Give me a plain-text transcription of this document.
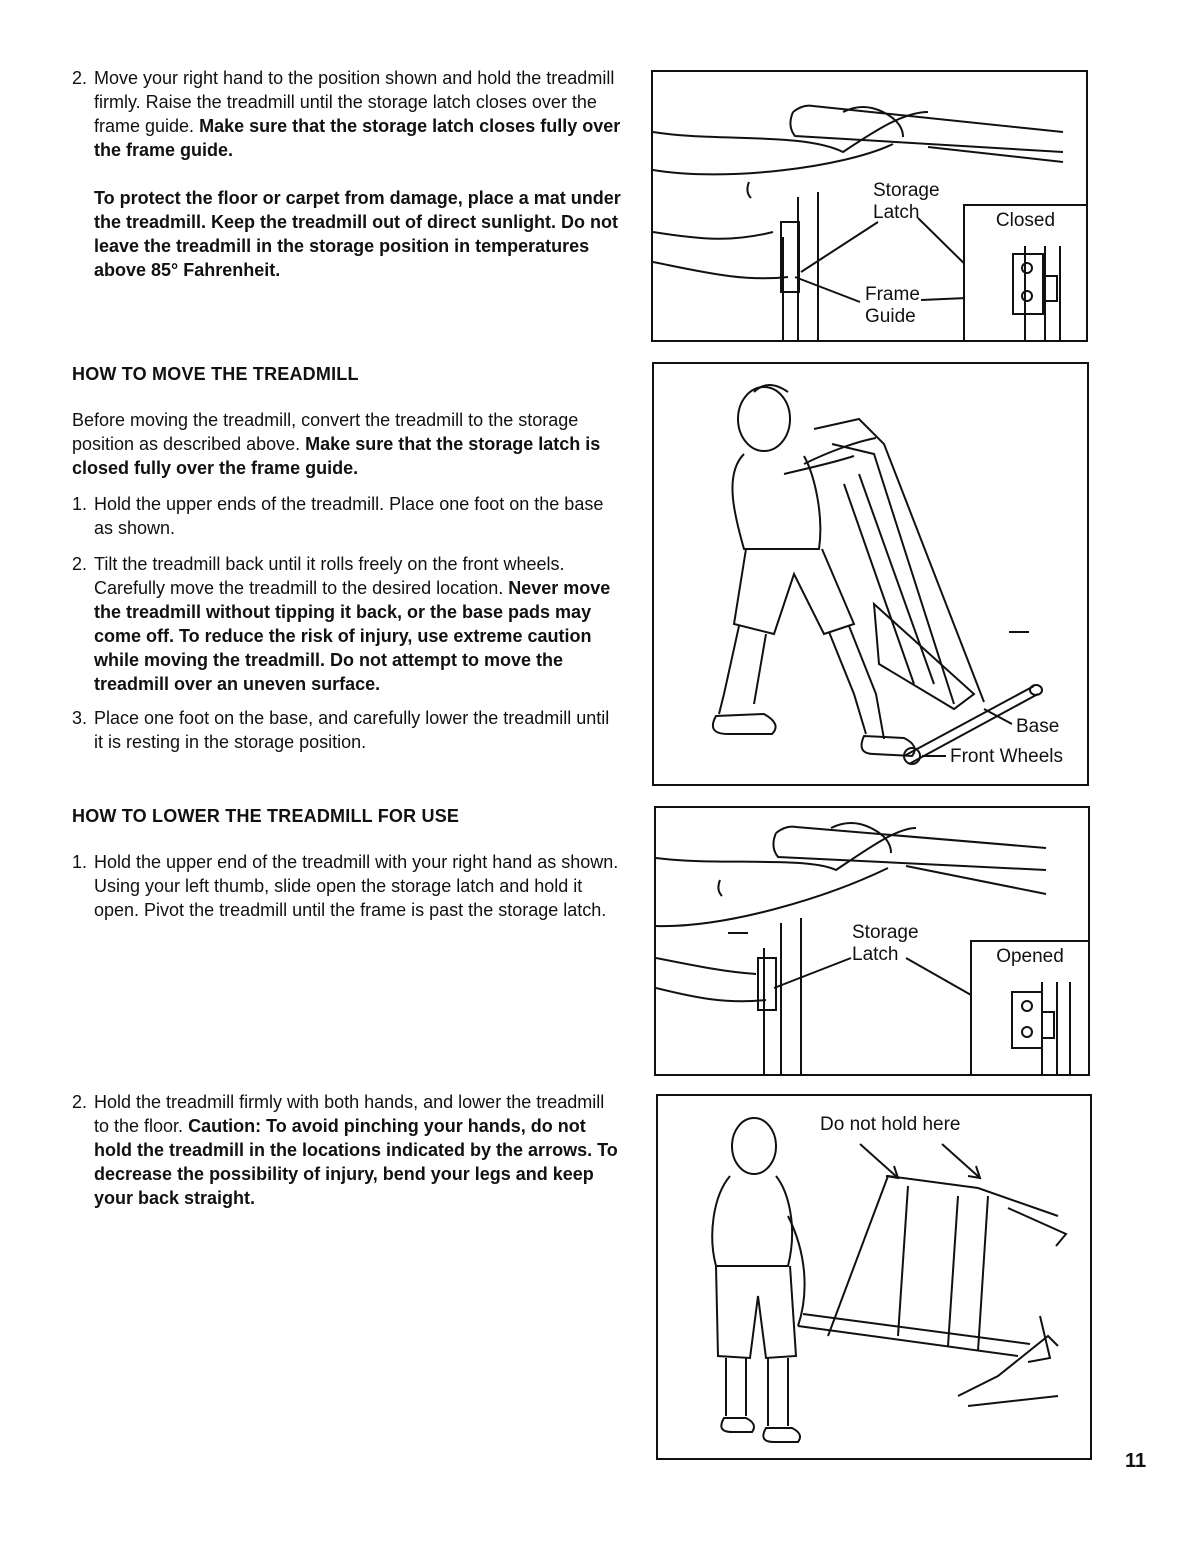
2. Move your right hand to the position shown and hold the treadmill firmly. Raise the treadmill until the storage latch closes over the frame guide. Make sure that the storage latch closes fully over the frame guide.

To protect the floor or carpet from damage, place a mat under the treadmill. Keep the treadmill out of direct sunlight. Do not leave the treadmill in the storage position in temperatures above 85° Fahrenheit.

HOW TO MOVE THE TREADMILL

Before moving the treadmill, convert the treadmill to the storage position as described above. Make sure that the storage latch is closed fully over the frame guide.

1. Hold the upper ends of the treadmill. Place one foot on the base as shown.
2. Tilt the treadmill back until it rolls freely on the front wheels. Carefully move the treadmill to the desired location. Never move the treadmill without tipping it back, or the base pads may come off. To reduce the risk of injury, use extreme caution while moving the treadmill. Do not attempt to move the treadmill over an uneven surface.
3. Place one foot on the base, and carefully lower the treadmill until it is resting in the storage position.
HOW TO LOWER THE TREADMILL FOR USE
1. Hold the upper end of the treadmill with your right hand as shown. Using your left thumb, slide open the storage latch and hold it open. Pivot the treadmill until the frame is past the storage latch.
2. Hold the treadmill firmly with both hands, and lower the treadmill to the floor. Caution: To avoid pinching your hands, do not hold the treadmill in the locations indicated by the arrows. To decrease the possibility of injury, bend your legs and keep your back straight.
Storage
Latch
Frame
Guide
Closed
Base
Front Wheels
Storage
Latch	Opened
Do not hold here
11
